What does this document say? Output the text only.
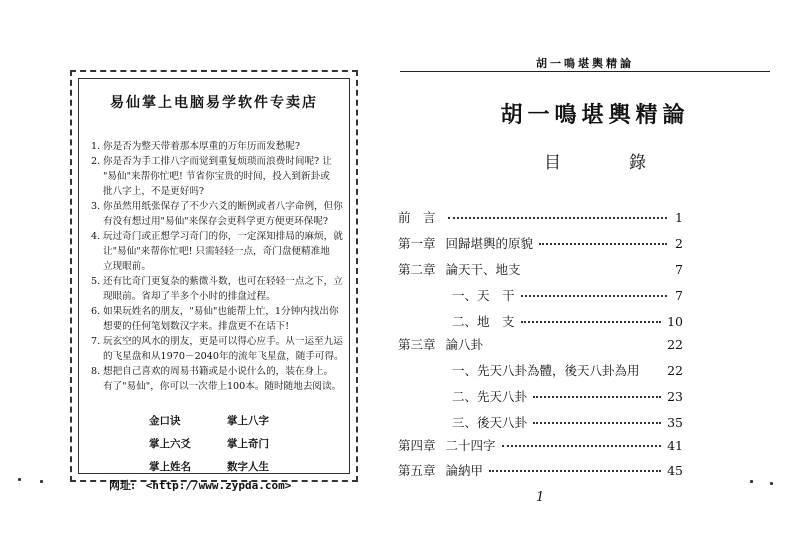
易仙掌上电脑易学软件专卖店
1. 你是否为整天带着那本厚重的万年历而发愁呢?
2. 你是否为手工排八字而觉到重复烦琐而浪费时间呢? 让
"易仙"来帮你忙吧! 节省你宝贵的时间，投入到新卦或
批八字上，不是更好吗?
3. 你虽然用纸张保存了不少六爻的断例或者八字命例，但你
有没有想过用"易仙"来保存会更科学更方便更环保呢?
4. 玩过奇门或正想学习奇门的你，一定深知排局的麻烦，就
让"易仙"来帮你忙吧! 只需轻轻一点，奇门盘便精准地
立现眼前。
5. 还有比奇门更复杂的紫微斗数，也可在轻轻一点之下，立
现眼前。省却了半多个小时的排盘过程。
6. 如果玩姓名的朋友，"易仙"也能帮上忙，1分钟内找出你
想要的任何笔划数汉字来。排盘更不在话下!
7. 玩玄空的风水的朋友，更是可以得心应手。从一运至九运
的飞星盘和从1970－2040年的流年飞星盘，随手可得。
8. 想把自己喜欢的周易书籍或是小说什么的，装在身上。
有了"易仙"，你可以一次带上100本。随时随地去阅读。
金口诀	掌上八字
掌上六爻	掌上奇门
掌上姓名	数字人生
网址: <http://www.zypda.com>
胡一鳴堪輿精論
胡一鳴堪輿精論
目	錄
前　言	1
第一章 回歸堪輿的原貌	2
第二章 論天干、地支	7
一、天　干	7
二、地　支	10
第三章 論八卦	22
一、先天八卦為體，後天八卦為用 22
二、先天八卦	23
三、後天八卦	35
第四章 二十四字	41
第五章 論納甲	45
1
